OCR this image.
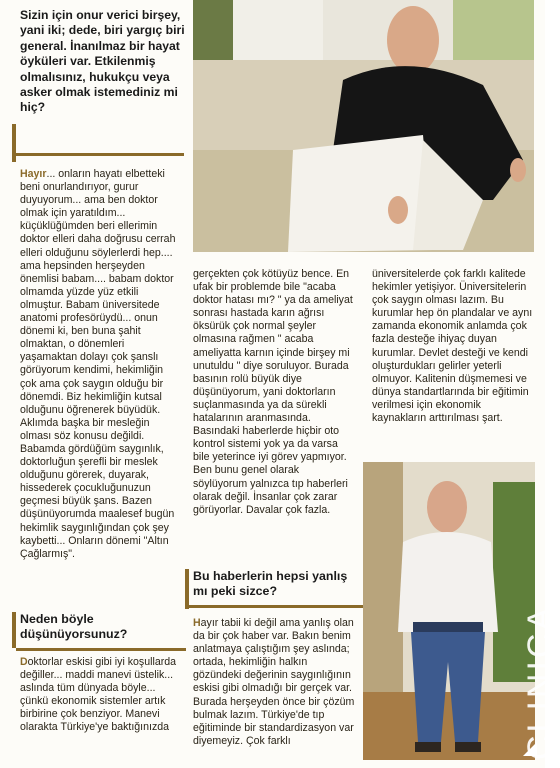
Sizin için onur verici birşey, yani iki; dede, biri yargıç biri general. İnanılmaz bir hayat öyküleri var. Etkilenmiş olmalısınız, hukukçu veya asker olmak istemediniz mi hiç?

Hayır... onların hayatı elbetteki beni onurlandırıyor, gurur duyuyorum... ama ben doktor olmak için yaratıldım... küçüklüğümden beri ellerimin doktor elleri daha doğrusu cerrah elleri olduğunu söylerlerdi hep.... ama hepsinden herşeyden önemlisi babam.... babam doktor olmamda yüzde yüz etkili olmuştur. Babam üniversitede anatomi profesörüydü... onun dönemi ki, ben buna şahit olmaktan, o dönemleri yaşamaktan dolayı çok şanslı görüyorum kendimi, hekimliğin çok ama çok saygın olduğu bir dönemdi. Biz hekimliğin kutsal olduğunu öğrenerek büyüdük. Aklımda başka bir mesleğin olması söz konusu değildi. Babamda gördüğüm saygınlık, doktorluğun şerefli bir meslek olduğunu görerek, duyarak, hissederek çocukluğunuzun geçmesi büyük şans. Bazen düşünüyorumda maalesef bugün hekimlik saygınlığından çok şey kaybetti... Onların dönemi "Altın Çağlarmış".

Neden böyle düşünüyorsunuz?

Doktorlar eskisi gibi iyi koşullarda değiller... maddi manevi üstelik... aslında tüm dünyada böyle... çünkü ekonomik sistemler artık birbirine çok benziyor. Manevi olarakta Türkiye'ye baktığınızda

gerçekten çok kötüyüz bence. En ufak bir problemde bile "acaba doktor hatası mı? " ya da ameliyat sonrası hastada karın ağrısı öksürük çok normal şeyler olmasına rağmen " acaba ameliyatta karnın içinde birşey mi unutuldu " diye soruluyor. Burada basının rolü büyük diye düşünüyorum, yani doktorların suçlanmasında ya da sürekli hatalarının aranmasında. Basındaki haberlerde hiçbir oto kontrol sistemi yok ya da varsa bile yeterince iyi görev yapmıyor. Ben bunu genel olarak söylüyorum yalnızca tıp haberleri olarak değil. İnsanlar çok zarar görüyorlar. Davalar çok fazla.

Bu haberlerin hepsi yanlış mı peki sizce?

Hayır tabii ki değil ama yanlış olan da bir çok haber var. Bakın benim anlatmaya çalıştığım şey aslında; ortada, hekimliğin halkın gözündeki değerinin saygınlığının eskisi gibi olmadığı bir gerçek var. Burada herşeyden önce bir çözüm bulmak lazım. Türkiye'de tıp eğitiminde bir standardizasyon var diyemeyiz. Çok farklı

üniversitelerde çok farklı kalitede hekimler yetişiyor. Üniversitelerin çok saygın olması lazım. Bu kurumlar hep ön plandalar ve aynı zamanda ekonomik anlamda çok fazla desteğe ihiyaç duyan kurumlar. Devlet desteği ve kendi oluşturdukları gelirler yeterli olmuyor. Kalitenin düşmemesi ve dünya standartlarında bir eğitimin verilmesi için ekonomik kaynakların arttırılması şart.

CLINICA
